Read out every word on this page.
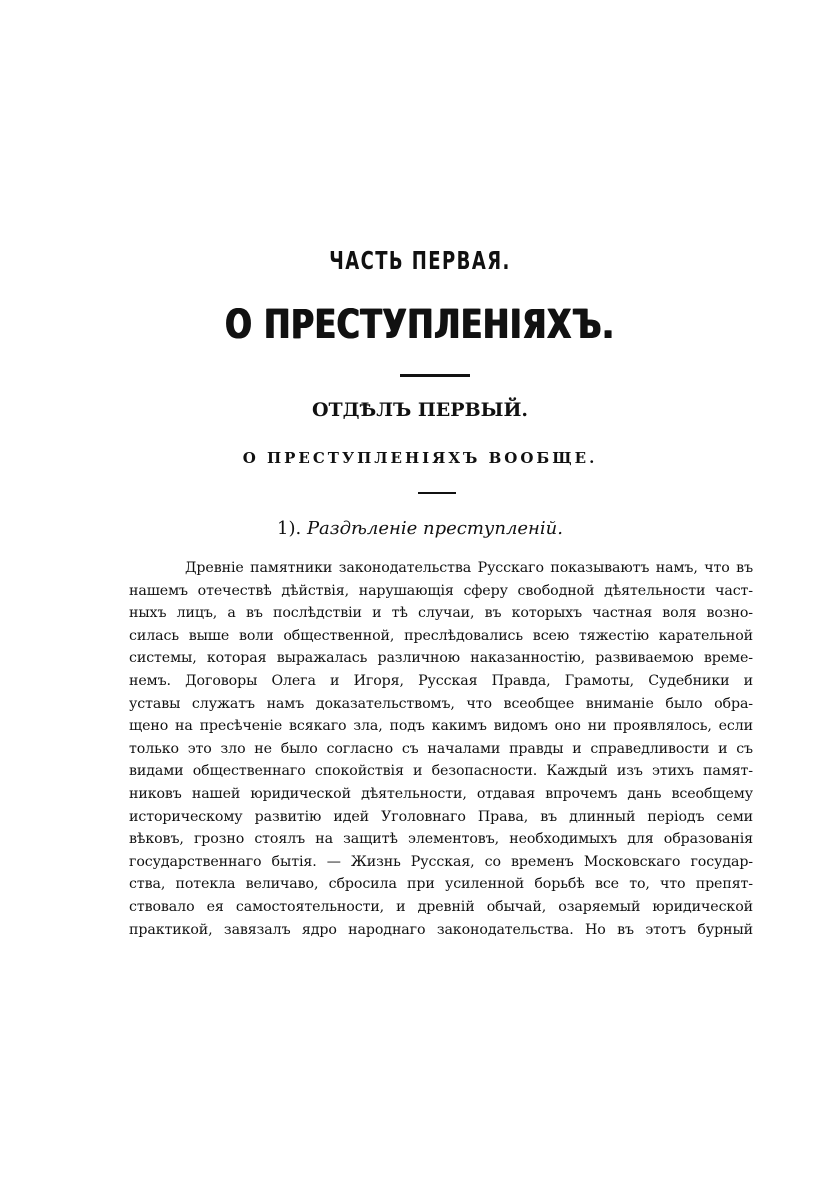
ЧАСТЬ ПЕРВАЯ.
О ПРЕСТУПЛЕНІЯХЪ.
ОТДѢЛЪ ПЕРВЫЙ.
О ПРЕСТУПЛЕНІЯХЪ ВООБЩЕ.
1). Раздѣленіе преступленій.
Древніе памятники законодательства Русскаго показываютъ намъ, что въ
нашемъ отечествѣ дѣйствія, нарушающія сферу свободной дѣятельности част-
ныхъ лицъ, а въ послѣдствіи и тѣ случаи, въ которыхъ частная воля возно-
силась выше воли общественной, преслѣдовались всею тяжестію карательной
системы, которая выражалась различною наказанностію, развиваемою време-
немъ. Договоры Олега и Игоря, Русская Правда, Грамоты, Судебники и
уставы служатъ намъ доказательствомъ, что всеобщее вниманіе было обра-
щено на пресѣченіе всякаго зла, подъ какимъ видомъ оно ни проявлялось, если
только это зло не было согласно съ началами правды и справедливости и съ
видами общественнаго спокойствія и безопасности. Каждый изъ этихъ памят-
никовъ нашей юридической дѣятельности, отдавая впрочемъ дань всеобщему
историческому развитію идей Уголовнаго Права, въ длинный періодъ семи
вѣковъ, грозно стоялъ на защитѣ элементовъ, необходимыхъ для образованія
государственнаго бытія. — Жизнь Русская, со временъ Московскаго государ-
ства, потекла величаво, сбросила при усиленной борьбѣ все то, что препят-
ствовало ея самостоятельности, и древній обычай, озаряемый юридической
практикой, завязалъ ядро народнаго законодательства. Но въ этотъ бурный
